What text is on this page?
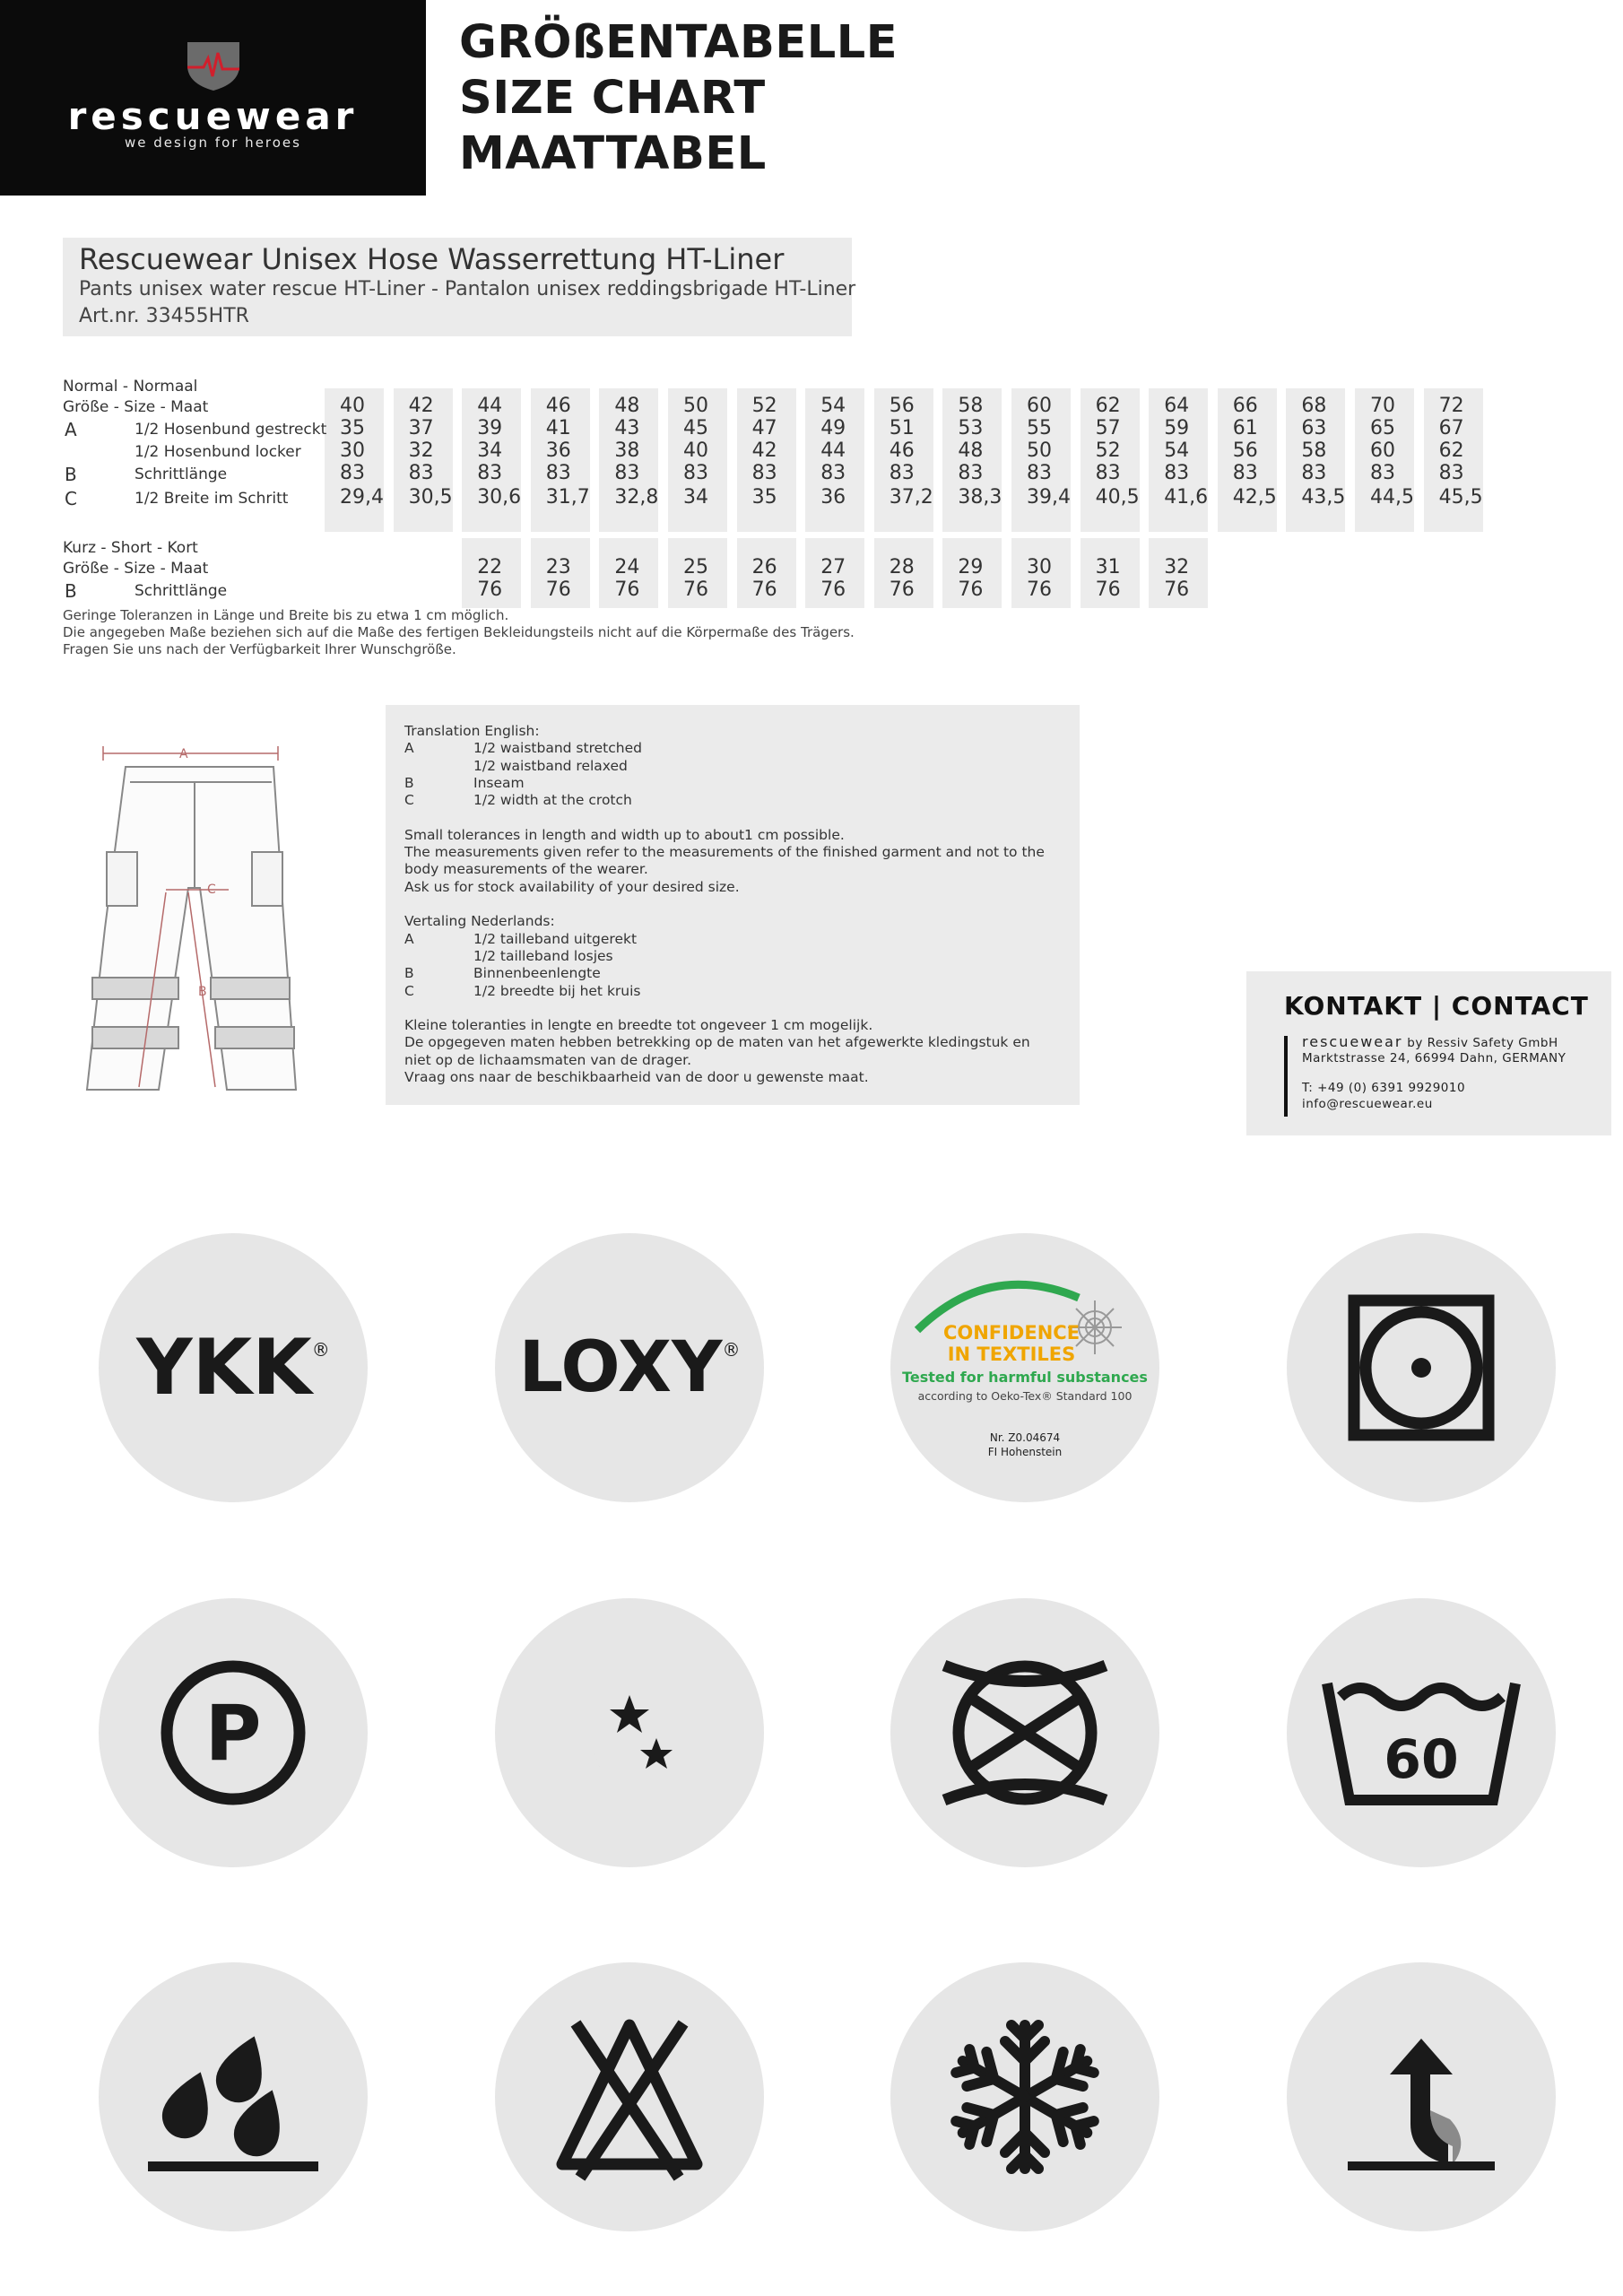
rescuewear
we design for heroes
GRÖßENTABELLE
SIZE CHART
MAATTABEL
Rescuewear Unisex Hose Wasserrettung HT-Liner
Pants unisex water rescue HT-Liner - Pantalon unisex reddingsbrigade HT-Liner
Art.nr. 33455HTR
Normal - Normaal
Größe - Size - Maat	40	42	44	46	48	50	52	54	56	58	60	62	64	66	68	70	72
A	1/2 Hosenbund gestreckt 35	37	39	41	43	45	47	49	51	53	55	57	59	61	63	65	67
1/2 Hosenbund locker 30	32	34	36	38	40	42	44	46	48	50	52	54	56	58	60	62
B	Schrittlänge	83	83	83	83	83	83	83	83	83	83	83	83	83	83	83	83	83
C	1/2 Breite im Schritt	29,4	30,5	30,6	31,7	32,8	34	35	36	37,2	38,3	39,4	40,5	41,6	42,5	43,5	44,5	45,5
Kurz - Short - Kort
Größe - Size - Maat	22	23	24	25	26	27	28	29	30	31	32
B	Schrittlänge	76	76	76	76	76	76	76	76	76	76	76
Geringe Toleranzen in Länge und Breite bis zu etwa 1 cm möglich.
Die angegeben Maße beziehen sich auf die Maße des fertigen Bekleidungsteils nicht auf die Körpermaße des Trägers.
Fragen Sie uns nach der Verfügbarkeit Ihrer Wunschgröße.
A
C
B
Translation English:
A	1/2 waistband stretched
1/2 waistband relaxed
B	Inseam
C	1/2 width at the crotch
Small tolerances in length and width up to about1 cm possible.
The measurements given refer to the measurements of the finished garment and not to the
body measurements of the wearer.
Ask us for stock availability of your desired size.
Vertaling Nederlands:
A	1/2 tailleband uitgerekt
1/2 tailleband losjes
B	Binnenbeenlengte
C	1/2 breedte bij het kruis
Kleine toleranties in lengte en breedte tot ongeveer 1 cm mogelijk.
De opgegeven maten hebben betrekking op de maten van het afgewerkte kledingstuk en
niet op de lichaamsmaten van de drager.
Vraag ons naar de beschikbaarheid van de door u gewenste maat.
KONTAKT | CONTACT
rescuewear by Ressiv Safety GmbH
Marktstrasse 24, 66994 Dahn, GERMANY
T: +49 (0) 6391 9929010
info@rescuewear.eu
YKK®	LOXY®
CONFIDENCE
IN TEXTILES
Tested for harmful substances
according to Oeko-Tex® Standard 100
Nr. Z0.04674
FI Hohenstein
P	60
